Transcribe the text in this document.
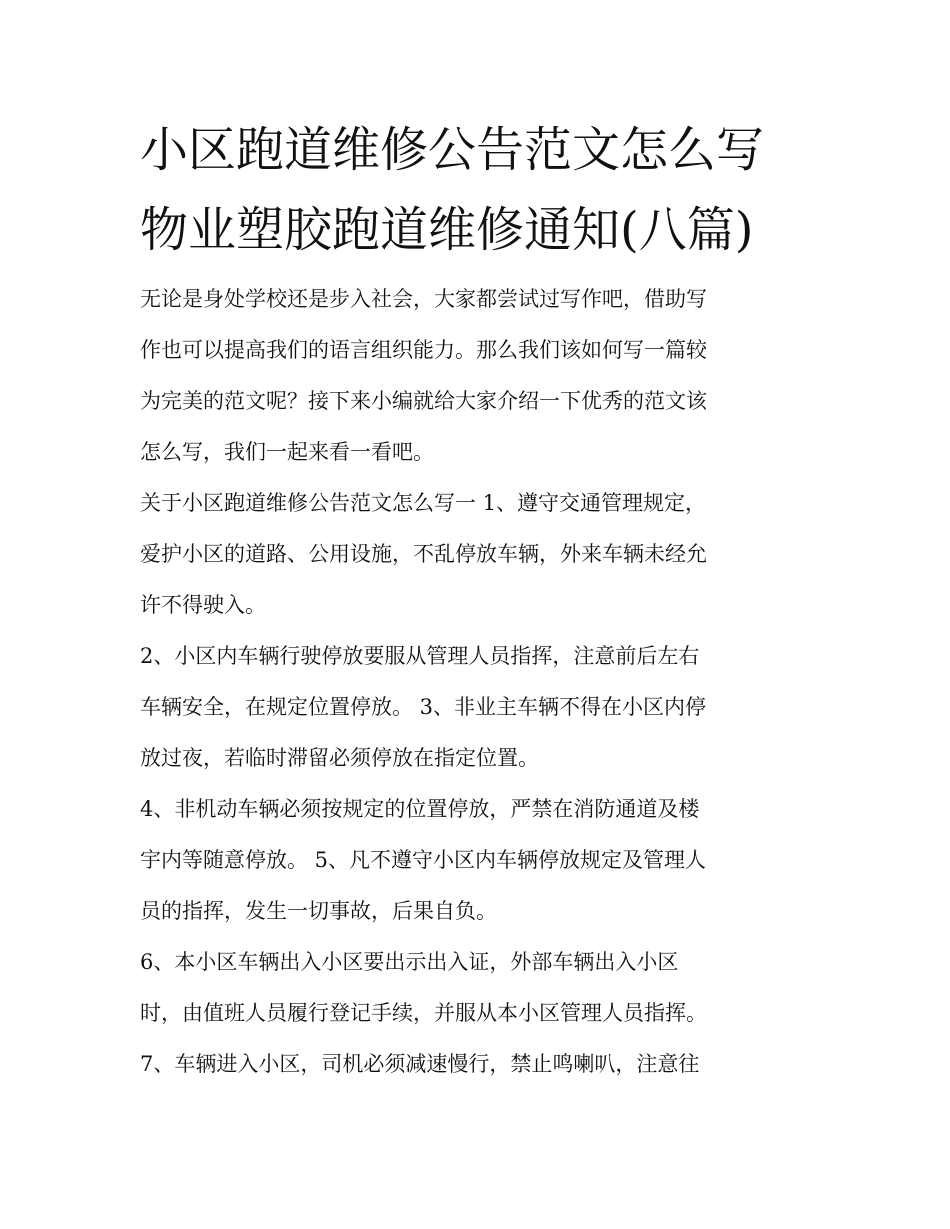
小区跑道维修公告范文怎么写
物业塑胶跑道维修通知(八篇)

无论是身处学校还是步入社会，大家都尝试过写作吧，借助写
作也可以提高我们的语言组织能力。那么我们该如何写一篇较
为完美的范文呢？接下来小编就给大家介绍一下优秀的范文该
怎么写，我们一起来看一看吧。

关于小区跑道维修公告范文怎么写一 1、遵守交通管理规定，
爱护小区的道路、公用设施，不乱停放车辆，外来车辆未经允
许不得驶入。

2、小区内车辆行驶停放要服从管理人员指挥，注意前后左右
车辆安全，在规定位置停放。 3、非业主车辆不得在小区内停
放过夜，若临时滞留必须停放在指定位置。

4、非机动车辆必须按规定的位置停放，严禁在消防通道及楼
宇内等随意停放。 5、凡不遵守小区内车辆停放规定及管理人
员的指挥，发生一切事故，后果自负。

6、本小区车辆出入小区要出示出入证，外部车辆出入小区
时，由值班人员履行登记手续，并服从本小区管理人员指挥。

7、车辆进入小区，司机必须减速慢行，禁止鸣喇叭，注意往
